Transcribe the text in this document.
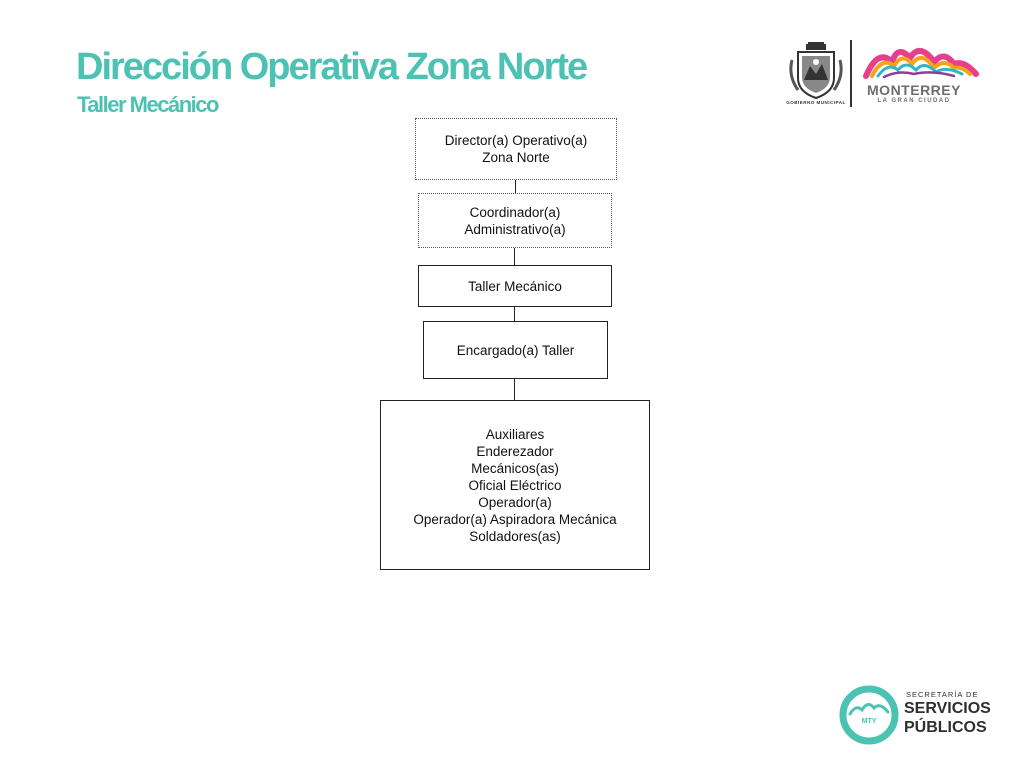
Dirección Operativa Zona Norte
Taller Mecánico	GOBIERNO MUNICIPAL
MONTERREY
LA GRAN CIUDAD
Director(a) Operativo(a)
Zona Norte
Coordinador(a)
Administrativo(a)
Taller Mecánico
Encargado(a) Taller
Auxiliares
Enderezador
Mecánicos(as)
Oficial Eléctrico
Operador(a)
Operador(a) Aspiradora Mecánica
Soldadores(as)
MTY
SECRETARÍA DE
SERVICIOS
PÚBLICOS
